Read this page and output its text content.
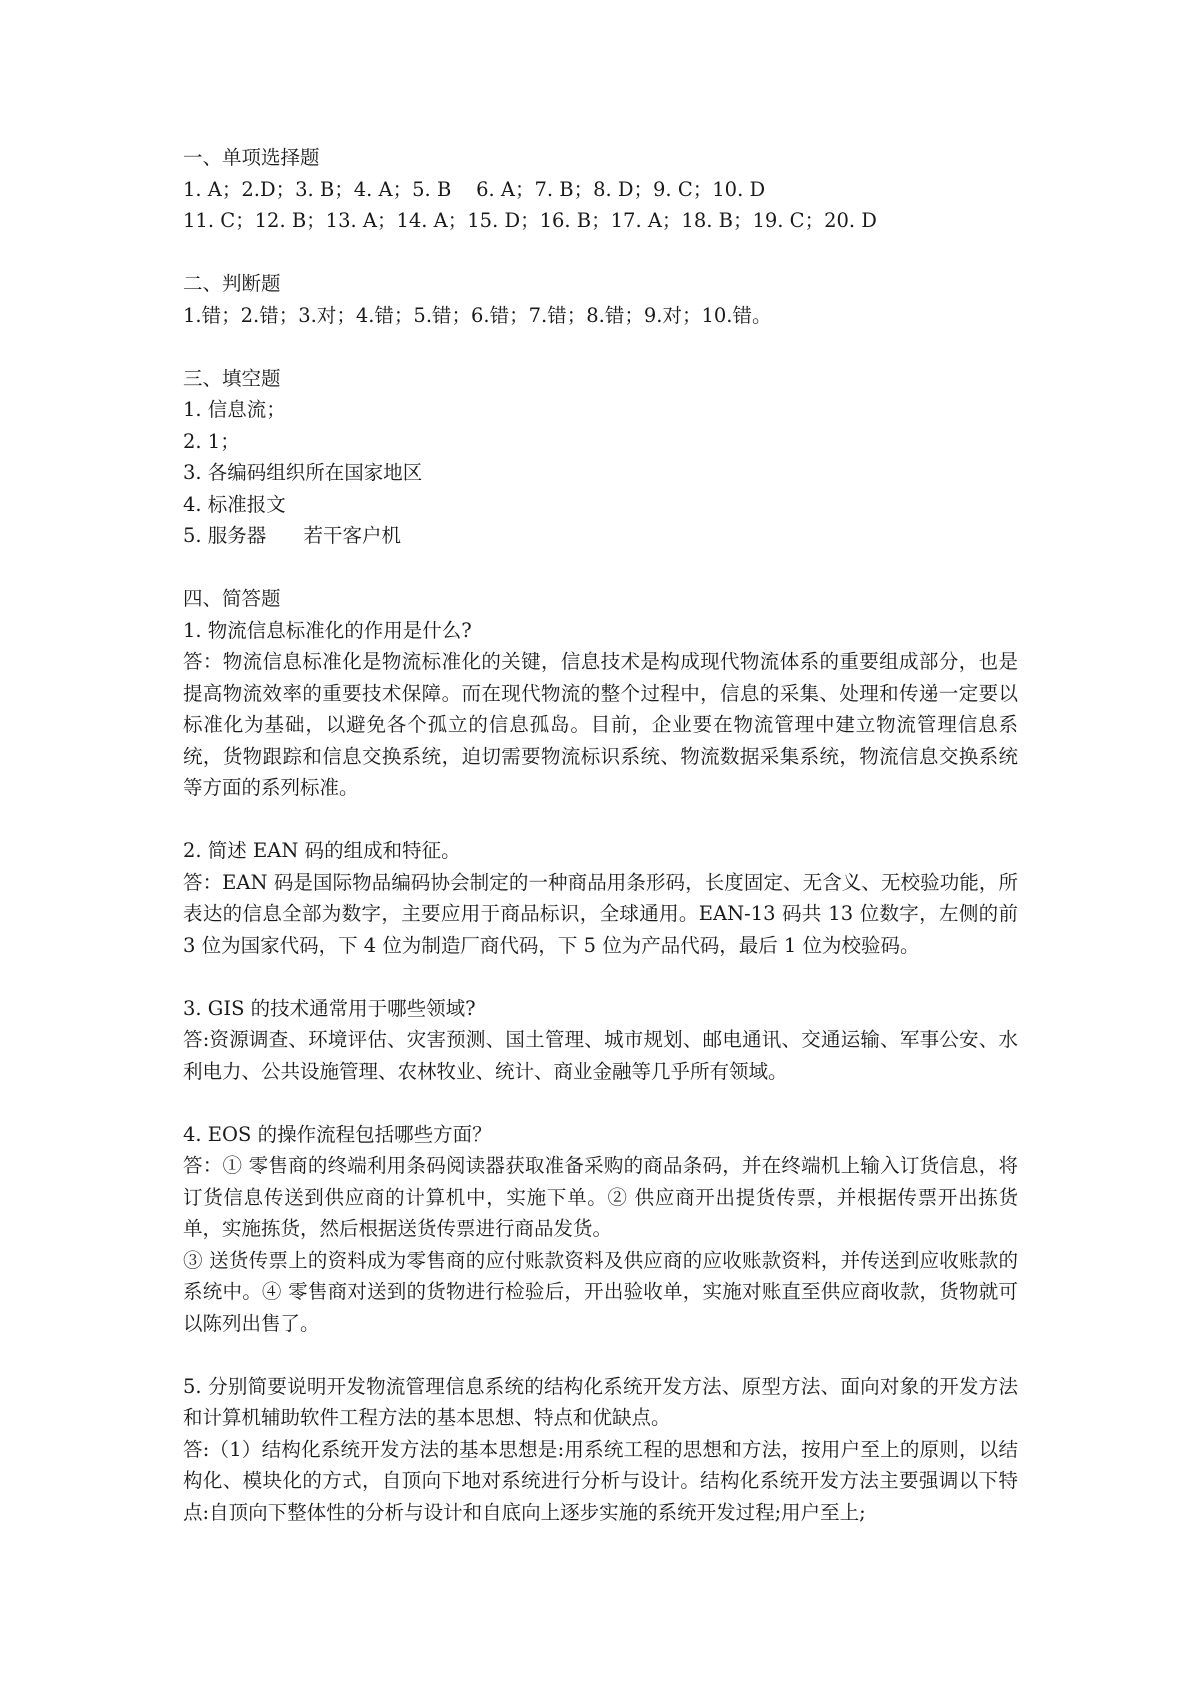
一、单项选择题
1. A；2.D；3. B；4. A；5. B    6. A；7. B；8. D；9. C；10. D
11. C；12. B；13. A；14. A；15. D；16. B；17. A；18. B；19. C；20. D
二、判断题
1.错；2.错；3.对；4.错；5.错；6.错；7.错；8.错；9.对；10.错。
三、填空题
1. 信息流；
2. 1；
3. 各编码组织所在国家地区
4. 标准报文
5. 服务器      若干客户机
四、简答题
1. 物流信息标准化的作用是什么?
答：物流信息标准化是物流标准化的关键，信息技术是构成现代物流体系的重要组成部分，也是提高物流效率的重要技术保障。而在现代物流的整个过程中，信息的采集、处理和传递一定要以标准化为基础，以避免各个孤立的信息孤岛。目前，企业要在物流管理中建立物流管理信息系统，货物跟踪和信息交换系统，迫切需要物流标识系统、物流数据采集系统，物流信息交换系统等方面的系列标准。
2. 简述 EAN 码的组成和特征。
答：EAN 码是国际物品编码协会制定的一种商品用条形码，长度固定、无含义、无校验功能，所表达的信息全部为数字，主要应用于商品标识，全球通用。EAN-13 码共 13 位数字，左侧的前 3 位为国家代码，下 4 位为制造厂商代码，下 5 位为产品代码，最后 1 位为校验码。
3. GIS 的技术通常用于哪些领域?
答:资源调查、环境评估、灾害预测、国土管理、城市规划、邮电通讯、交通运输、军事公安、水利电力、公共设施管理、农林牧业、统计、商业金融等几乎所有领域。
4. EOS 的操作流程包括哪些方面？
答：① 零售商的终端利用条码阅读器获取准备采购的商品条码，并在终端机上输入订货信息，将订货信息传送到供应商的计算机中，实施下单。② 供应商开出提货传票，并根据传票开出拣货单，实施拣货，然后根据送货传票进行商品发货。
③ 送货传票上的资料成为零售商的应付账款资料及供应商的应收账款资料，并传送到应收账款的系统中。④ 零售商对送到的货物进行检验后，开出验收单，实施对账直至供应商收款，货物就可以陈列出售了。
5. 分别简要说明开发物流管理信息系统的结构化系统开发方法、原型方法、面向对象的开发方法和计算机辅助软件工程方法的基本思想、特点和优缺点。
答:（1）结构化系统开发方法的基本思想是:用系统工程的思想和方法，按用户至上的原则，以结构化、模块化的方式，自顶向下地对系统进行分析与设计。结构化系统开发方法主要强调以下特点:自顶向下整体性的分析与设计和自底向上逐步实施的系统开发过程;用户至上;
